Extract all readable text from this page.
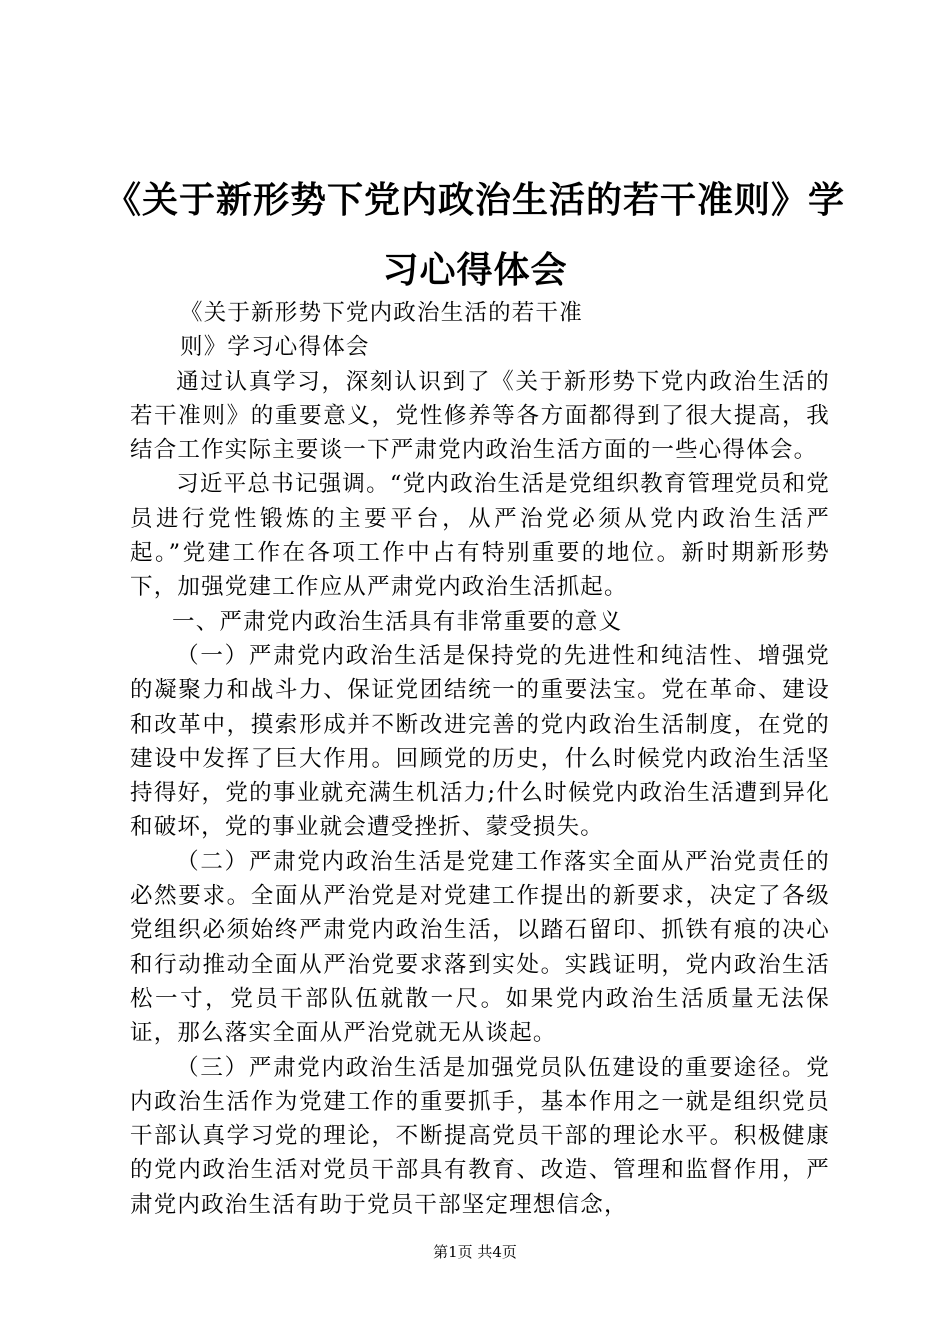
《关于新形势下党内政治生活的若干准则》学习心得体会
《关于新形势下党内政治生活的若干准
则》学习心得体会

通过认真学习，深刻认识到了《关于新形势下党内政治生活的若干准则》的重要意义，党性修养等各方面都得到了很大提高，我结合工作实际主要谈一下严肃党内政治生活方面的一些心得体会。

习近平总书记强调。“党内政治生活是党组织教育管理党员和党员进行党性锻炼的主要平台，从严治党必须从党内政治生活严起。”党建工作在各项工作中占有特别重要的地位。新时期新形势下，加强党建工作应从严肃党内政治生活抓起。

一、严肃党内政治生活具有非常重要的意义

（一）严肃党内政治生活是保持党的先进性和纯洁性、增强党的凝聚力和战斗力、保证党团结统一的重要法宝。党在革命、建设和改革中，摸索形成并不断改进完善的党内政治生活制度，在党的建设中发挥了巨大作用。回顾党的历史，什么时候党内政治生活坚持得好，党的事业就充满生机活力;什么时候党内政治生活遭到异化和破坏，党的事业就会遭受挫折、蒙受损失。

（二）严肃党内政治生活是党建工作落实全面从严治党责任的必然要求。全面从严治党是对党建工作提出的新要求，决定了各级党组织必须始终严肃党内政治生活，以踏石留印、抓铁有痕的决心和行动推动全面从严治党要求落到实处。实践证明，党内政治生活松一寸，党员干部队伍就散一尺。如果党内政治生活质量无法保证，那么落实全面从严治党就无从谈起。

（三）严肃党内政治生活是加强党员队伍建设的重要途径。党内政治生活作为党建工作的重要抓手，基本作用之一就是组织党员干部认真学习党的理论，不断提高党员干部的理论水平。积极健康的党内政治生活对党员干部具有教育、改造、管理和监督作用，严肃党内政治生活有助于党员干部坚定理想信念，

第1页 共4页
